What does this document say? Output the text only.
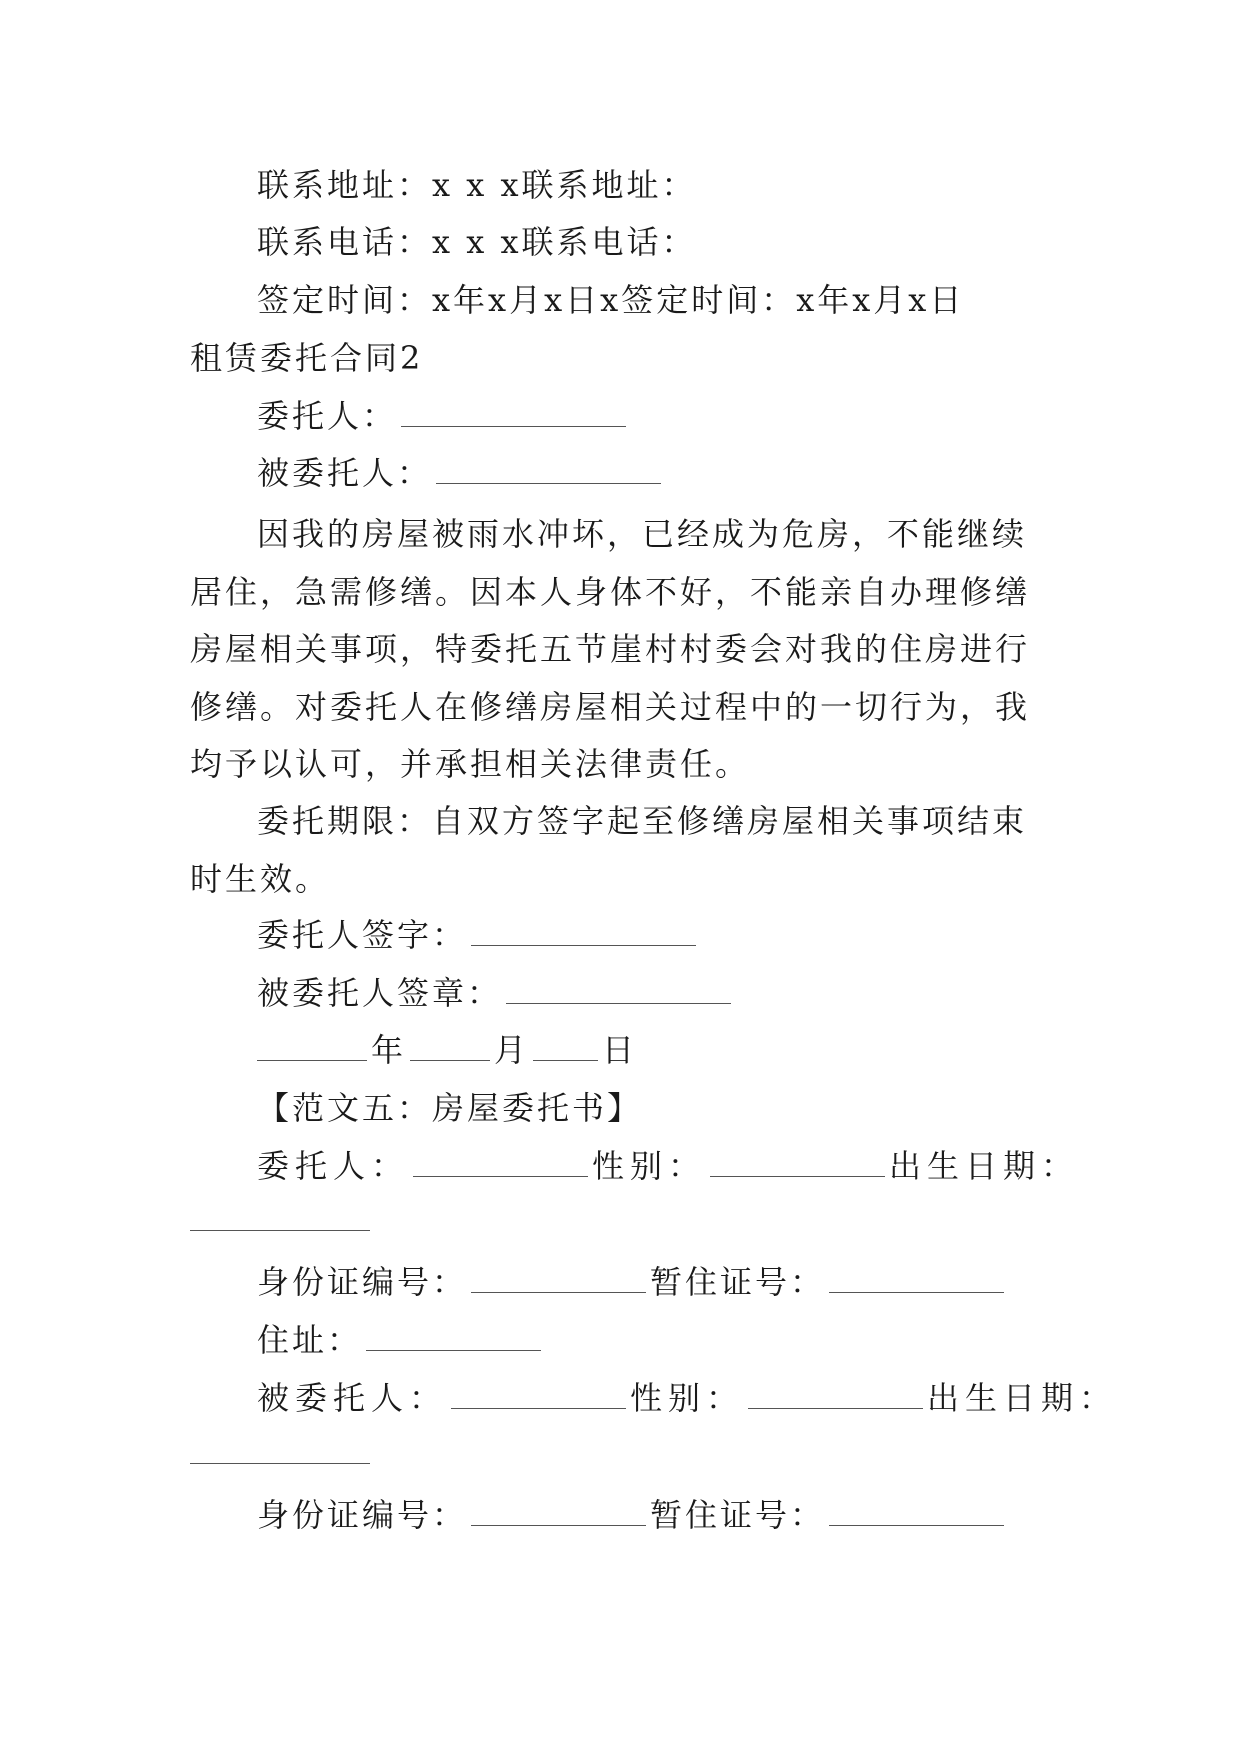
联系地址：x x x联系地址：
联系电话：x x x联系电话：
签定时间：x年x月x日x签定时间：x年x月x日
租赁委托合同2
委托人：
被委托人：
因我的房屋被雨水冲坏，已经成为危房，不能继续居住，急需修缮。因本人身体不好，不能亲自办理修缮房屋相关事项，特委托五节崖村村委会对我的住房进行修缮。对委托人在修缮房屋相关过程中的一切行为，我均予以认可，并承担相关法律责任。
委托期限：自双方签字起至修缮房屋相关事项结束时生效。
委托人签字：
被委托人签章：
年	月 日
【范文五：房屋委托书】
委托人：	性别：	出生日期：
身份证编号：	暂住证号：
住址：
被委托人：	性别：	出生日期：
身份证编号：	暂住证号：
